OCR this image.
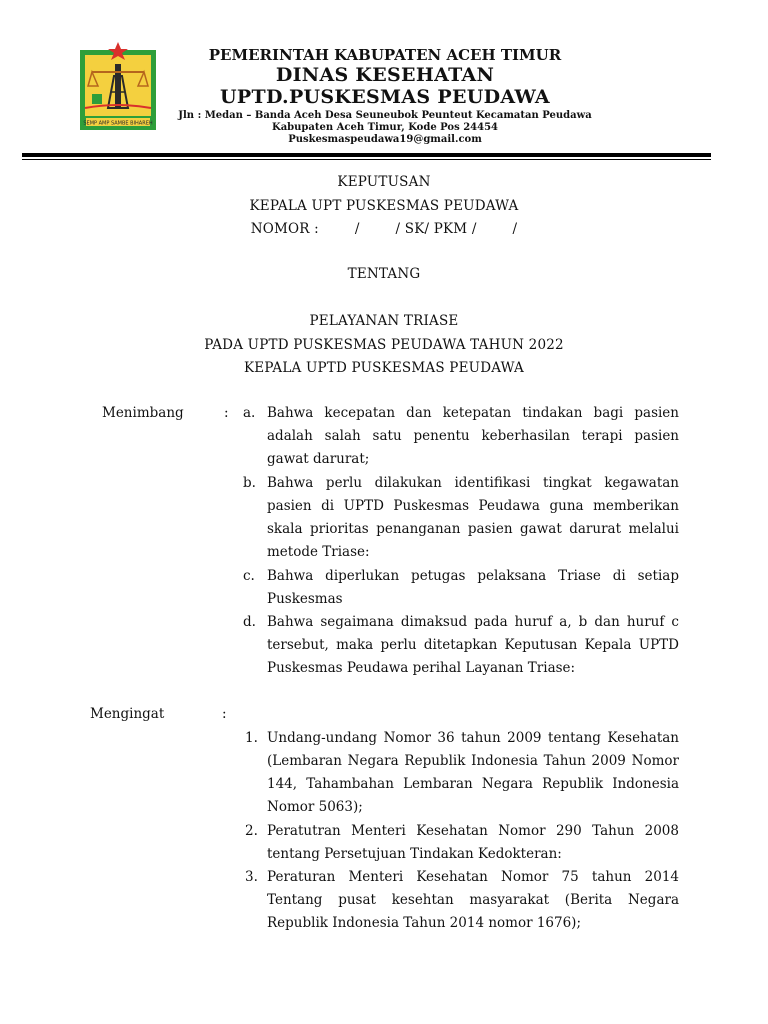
SEMP AMP SAMBE BIHAREH
PEMERINTAH KABUPATEN ACEH TIMUR
DINAS KESEHATAN
UPTD.PUSKESMAS PEUDAWA
Jln : Medan – Banda Aceh Desa Seuneubok Peunteut Kecamatan Peudawa
Kabupaten Aceh Timur, Kode Pos 24454
Puskesmaspeudawa19@gmail.com
KEPUTUSAN
KEPALA UPT PUSKESMAS PEUDAWA
NOMOR :        /        / SK/ PKM /        /
TENTANG
PELAYANAN TRIASE
PADA UPTD PUSKESMAS PEUDAWA TAHUN 2022
KEPALA UPTD PUSKESMAS PEUDAWA
Menimbang	: a. Bahwa kecepatan dan ketepatan tindakan bagi pasien adalah salah satu penentu keberhasilan terapi pasien gawat darurat;
b. Bahwa perlu dilakukan identifikasi tingkat kegawatan pasien di UPTD Puskesmas Peudawa guna memberikan skala prioritas penanganan pasien gawat darurat melalui metode Triase:
c. Bahwa diperlukan petugas pelaksana Triase di setiap Puskesmas
d. Bahwa segaimana dimaksud pada huruf a, b dan huruf c tersebut, maka perlu ditetapkan Keputusan Kepala UPTD Puskesmas Peudawa perihal Layanan Triase:
Mengingat	:
1. Undang-undang Nomor 36 tahun 2009 tentang Kesehatan (Lembaran Negara Republik Indonesia Tahun 2009 Nomor 144, Tahambahan Lembaran Negara Republik Indonesia Nomor 5063);
2. Peratutran Menteri Kesehatan Nomor 290 Tahun 2008 tentang Persetujuan Tindakan Kedokteran:
3. Peraturan Menteri Kesehatan Nomor 75 tahun 2014 Tentang pusat kesehtan masyarakat (Berita Negara Republik Indonesia Tahun 2014 nomor 1676);
